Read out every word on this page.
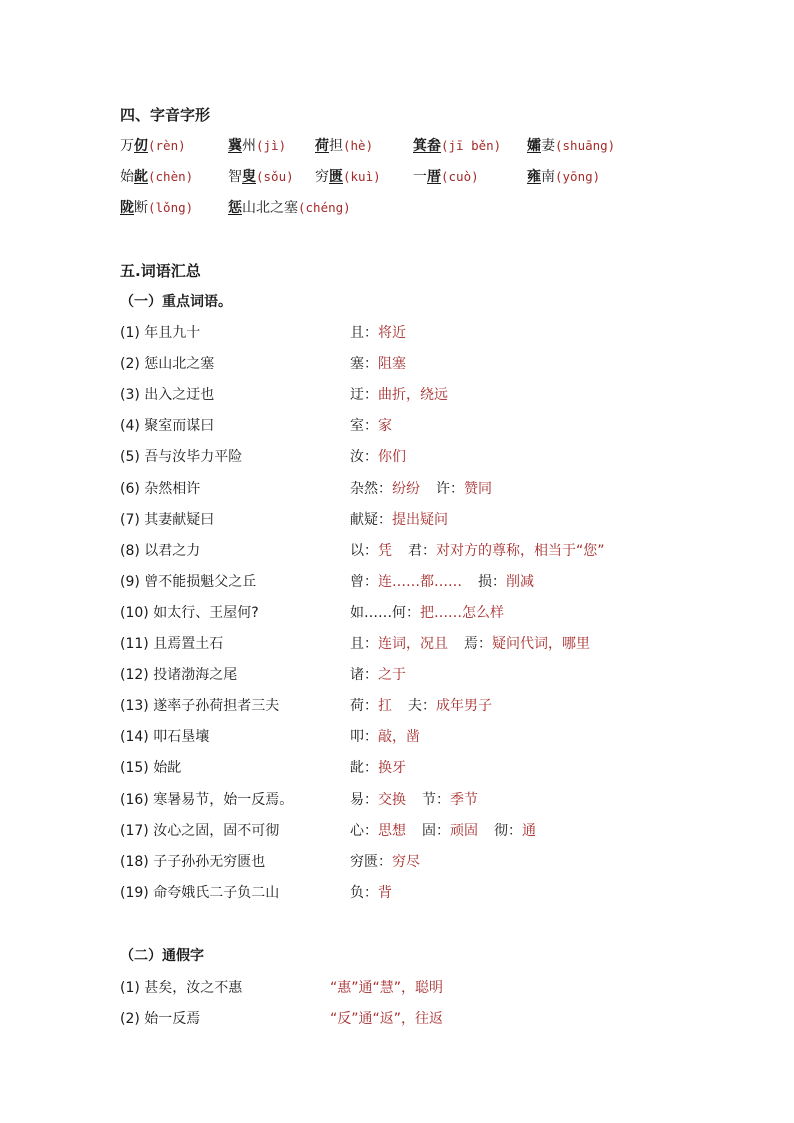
四、字音字形
万仞(rèn)	冀州(jì) 荷担(hè)	箕畚(jī běn) 孀妻(shuāng)
始龀(chèn) 智叟(sǒu) 穷匮(kuì) 一厝(cuò)	雍南(yōng)
陇断(lǒng) 惩山北之塞(chéng)
五.词语汇总
（一）重点词语。
(1) 年且九十	且：将近
(2) 惩山北之塞	塞：阻塞
(3) 出入之迂也	迂：曲折，绕远
(4) 聚室而谋曰	室：家
(5) 吾与汝毕力平险	汝：你们
(6) 杂然相许	杂然：纷纷 许：赞同
(7) 其妻献疑曰	献疑：提出疑问
(8) 以君之力	以：凭 君：对对方的尊称，相当于“您”
(9) 曾不能损魁父之丘	曾：连……都…… 损：削减
(10) 如太行、王屋何?	如……何：把……怎么样
(11) 且焉置土石	且：连词，况且 焉：疑问代词，哪里
(12) 投诸渤海之尾	诸：之于
(13) 遂率子孙荷担者三夫	荷：扛 夫：成年男子
(14) 叩石垦壤	叩：敲，凿
(15) 始龀	龀：换牙
(16) 寒暑易节，始一反焉。	易：交换 节：季节
(17) 汝心之固，固不可彻	心：思想 固：顽固 彻：通
(18) 子子孙孙无穷匮也	穷匮：穷尽
(19) 命夸娥氏二子负二山	负：背
（二）通假字
(1) 甚矣，汝之不惠	“惠”通“慧”，聪明
(2) 始一反焉	“反”通“返”，往返
